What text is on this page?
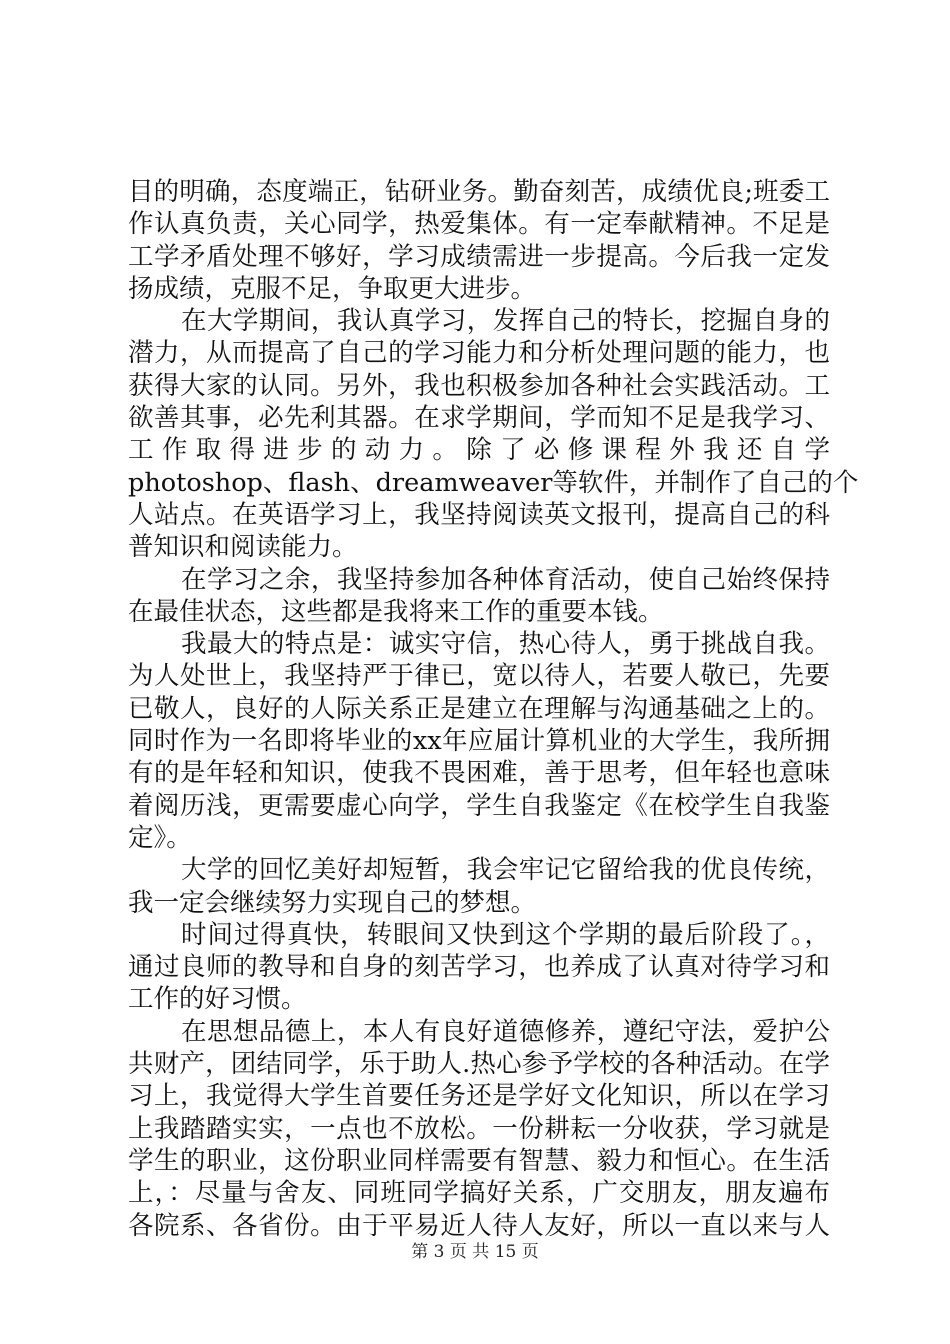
目的明确，态度端正，钻研业务。勤奋刻苦，成绩优良;班委工
作认真负责，关心同学，热爱集体。有一定奉献精神。不足是
工学矛盾处理不够好，学习成绩需进一步提高。今后我一定发
扬成绩，克服不足，争取更大进步。
在大学期间，我认真学习，发挥自己的特长，挖掘自身的
潜力，从而提高了自己的学习能力和分析处理问题的能力，也
获得大家的认同。另外，我也积极参加各种社会实践活动。工
欲善其事，必先利其器。在求学期间，学而知不足是我学习、
工作取得进步的动力。除了必修课程外我还自学
photoshop、flash、dreamweaver等软件，并制作了自己的个
人站点。在英语学习上，我坚持阅读英文报刊，提高自己的科
普知识和阅读能力。
在学习之余，我坚持参加各种体育活动，使自己始终保持
在最佳状态，这些都是我将来工作的重要本钱。
我最大的特点是：诚实守信，热心待人，勇于挑战自我。
为人处世上，我坚持严于律已，宽以待人，若要人敬已，先要
已敬人，良好的人际关系正是建立在理解与沟通基础之上的。
同时作为一名即将毕业的xx年应届计算机业的大学生，我所拥
有的是年轻和知识，使我不畏困难，善于思考，但年轻也意味
着阅历浅，更需要虚心向学，学生自我鉴定《在校学生自我鉴
定》。
大学的回忆美好却短暂，我会牢记它留给我的优良传统，
我一定会继续努力实现自己的梦想。
时间过得真快，转眼间又快到这个学期的最后阶段了。，
通过良师的教导和自身的刻苦学习，也养成了认真对待学习和
工作的好习惯。
在思想品德上，本人有良好道德修养，遵纪守法，爱护公
共财产，团结同学，乐于助人.热心参予学校的各种活动。在学
习上，我觉得大学生首要任务还是学好文化知识，所以在学习
上我踏踏实实，一点也不放松。一份耕耘一分收获，学习就是
学生的职业，这份职业同样需要有智慧、毅力和恒心。在生活
上，：尽量与舍友、同班同学搞好关系，广交朋友，朋友遍布
各院系、各省份。由于平易近人待人友好，所以一直以来与人
第 3 页 共 15 页
